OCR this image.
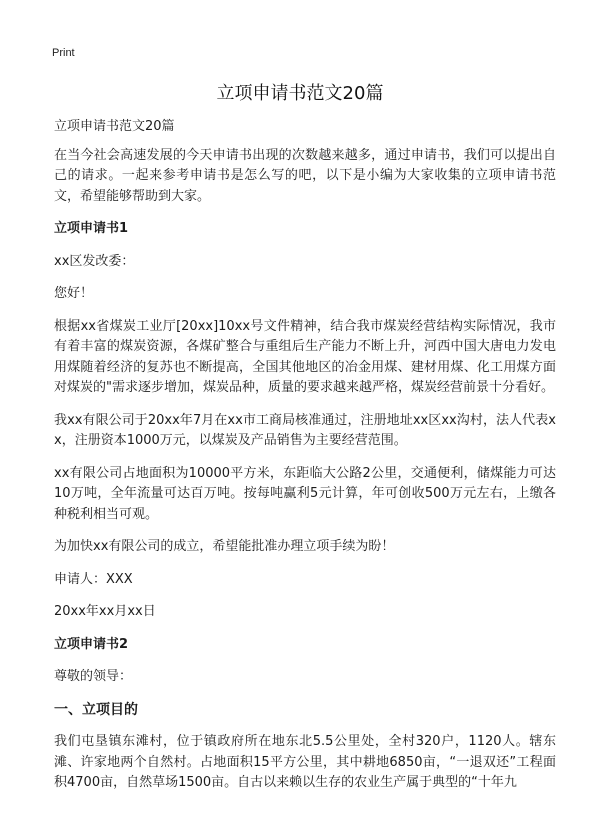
Print
立项申请书范文20篇

立项申请书范文20篇

在当今社会高速发展的今天申请书出现的次数越来越多，通过申请书，我们可以提出自己的请求。一起来参考申请书是怎么写的吧，以下是小编为大家收集的立项申请书范文，希望能够帮助到大家。

立项申请书1

xx区发改委：

您好！

根据xx省煤炭工业厅[20xx]10xx号文件精神，结合我市煤炭经营结构实际情况，我市有着丰富的煤炭资源，各煤矿整合与重组后生产能力不断上升，河西中国大唐电力发电用煤随着经济的复苏也不断提高，全国其他地区的冶金用煤、建材用煤、化工用煤方面对煤炭的"需求逐步增加，煤炭品种，质量的要求越来越严格，煤炭经营前景十分看好。

我xx有限公司于20xx年7月在xx市工商局核准通过，注册地址xx区xx沟村，法人代表xx，注册资本1000万元，以煤炭及产品销售为主要经营范围。

xx有限公司占地面积为10000平方米，东距临大公路2公里，交通便利，储煤能力可达10万吨，全年流量可达百万吨。按每吨赢利5元计算，年可创收500万元左右，上缴各种税利相当可观。

为加快xx有限公司的成立，希望能批准办理立项手续为盼！

申请人：XXX

20xx年xx月xx日

立项申请书2

尊敬的领导：

一、立项目的

我们屯垦镇东滩村，位于镇政府所在地东北5.5公里处，全村320户，1120人。辖东滩、许家地两个自然村。占地面积15平方公里，其中耕地6850亩，“一退双还”工程面积4700亩，自然草场1500亩。自古以来赖以生存的农业生产属于典型的“十年九
